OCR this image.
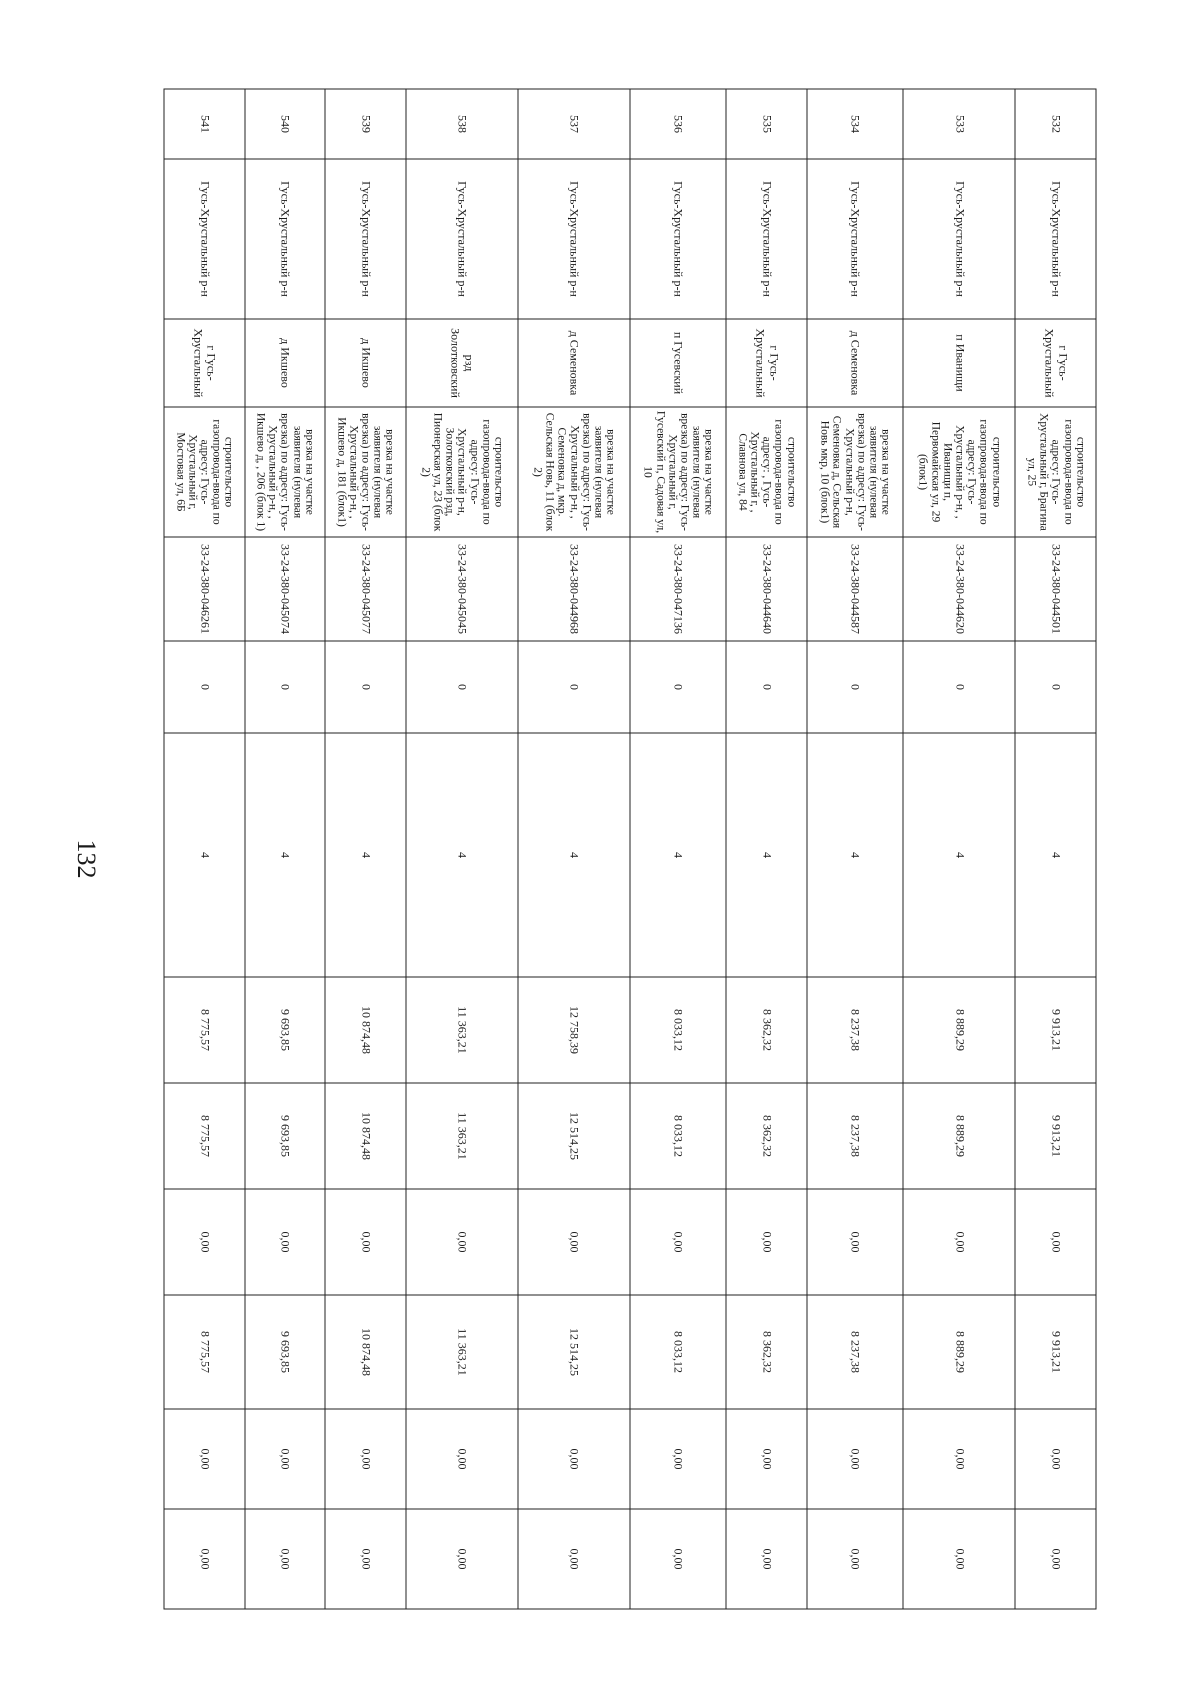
132
532	Гусь-Хрустальный р-н	г Гусь-Хрустальный	строительство газопровода-ввода по адресу: Гусь-Хрустальный г, Брагина ул, 25	33-24-380-044501	0	4	9 913,21	9 913,21	0,00	9 913,21	0,00	0,00
533	Гусь-Хрустальный р-н	п Иванищи	строительство газопровода-ввода по адресу: Гусь-Хрустальный р-н, , Иванищи п, Первомайская ул, 29 (блок1)	33-24-380-044620	0	4	8 889,29	8 889,29	0,00	8 889,29	0,00	0,00
534	Гусь-Хрустальный р-н	д Семеновка	врезка на участке заявителя (нулевая врезка) по адресу: Гусь-Хрустальный р-н, Семеновка д, Сельская Новь мкр, 10 (блок1)	33-24-380-044587	0	4	8 237,38	8 237,38	0,00	8 237,38	0,00	0,00
535	Гусь-Хрустальный р-н	г Гусь-Хрустальный	строительство газопровода-ввода по адресу: , Гусь-Хрустальный г, , Славнова ул, 84	33-24-380-044640	0	4	8 362,32	8 362,32	0,00	8 362,32	0,00	0,00
536	Гусь-Хрустальный р-н	п Гусевский	врезка на участке заявителя (нулевая врезка) по адресу: Гусь-Хрустальный г, Гусевский п, Садовая ул, 10	33-24-380-047136	0	4	8 033,12	8 033,12	0,00	8 033,12	0,00	0,00
537	Гусь-Хрустальный р-н	д Семеновка	врезка на участке заявителя (нулевая врезка) по адресу: Гусь-Хрустальный р-н, , Семеновка д, мкр. Сельская Новь, 11 (блок 2)	33-24-380-044968	0	4	12 758,39	12 514,25	0,00	12 514,25	0,00	0,00
538	Гусь-Хрустальный р-н	рзд Золотковский	строительство газопровода-ввода по адресу: Гусь-Хрустальный р-н, Золотковский рзд, Пионерская ул, 23 (блок 2)	33-24-380-045045	0	4	11 363,21	11 363,21	0,00	11 363,21	0,00	0,00
539	Гусь-Хрустальный р-н	д Икшево	врезка на участке заявителя (нулевая врезка) по адресу: Гусь-Хрустальный р-н, , Икшево д, 181 (блок1)	33-24-380-045077	0	4	10 874,48	10 874,48	0,00	10 874,48	0,00	0,00
540	Гусь-Хрустальный р-н	д Икшево	врезка на участке заявителя (нулевая врезка) по адресу: Гусь-Хрустальный р-н, , Икшево д, , 206 (блок 1)	33-24-380-045074	0	4	9 693,85	9 693,85	0,00	9 693,85	0,00	0,00
541	Гусь-Хрустальный р-н	г Гусь-Хрустальный	строительство газопровода-ввода по адресу: Гусь-Хрустальный г, Мостовая ул, 6Б	33-24-380-046261	0	4	8 775,57	8 775,57	0,00	8 775,57	0,00	0,00
